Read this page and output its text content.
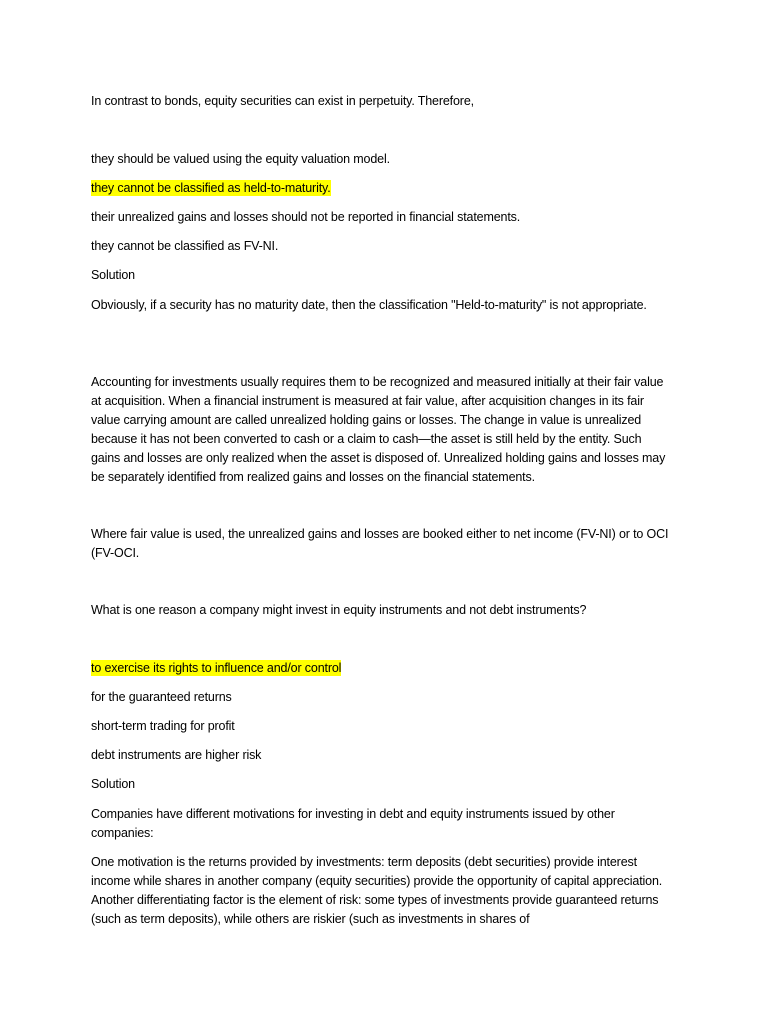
In contrast to bonds, equity securities can exist in perpetuity. Therefore,
they should be valued using the equity valuation model.
they cannot be classified as held-to-maturity.
their unrealized gains and losses should not be reported in financial statements.
they cannot be classified as FV-NI.
Solution
Obviously, if a security has no maturity date, then the classification "Held-to-maturity" is not appropriate.
Accounting for investments usually requires them to be recognized and measured initially at their fair value at acquisition. When a financial instrument is measured at fair value, after acquisition changes in its fair value carrying amount are called unrealized holding gains or losses. The change in value is unrealized because it has not been converted to cash or a claim to cash—the asset is still held by the entity. Such gains and losses are only realized when the asset is disposed of. Unrealized holding gains and losses may be separately identified from realized gains and losses on the financial statements.
Where fair value is used, the unrealized gains and losses are booked either to net income (FV-NI) or to OCI (FV-OCI.
What is one reason a company might invest in equity instruments and not debt instruments?
to exercise its rights to influence and/or control
for the guaranteed returns
short-term trading for profit
debt instruments are higher risk
Solution
Companies have different motivations for investing in debt and equity instruments issued by other companies:
One motivation is the returns provided by investments: term deposits (debt securities) provide interest income while shares in another company (equity securities) provide the opportunity of capital appreciation. Another differentiating factor is the element of risk: some types of investments provide guaranteed returns (such as term deposits), while others are riskier (such as investments in shares of
